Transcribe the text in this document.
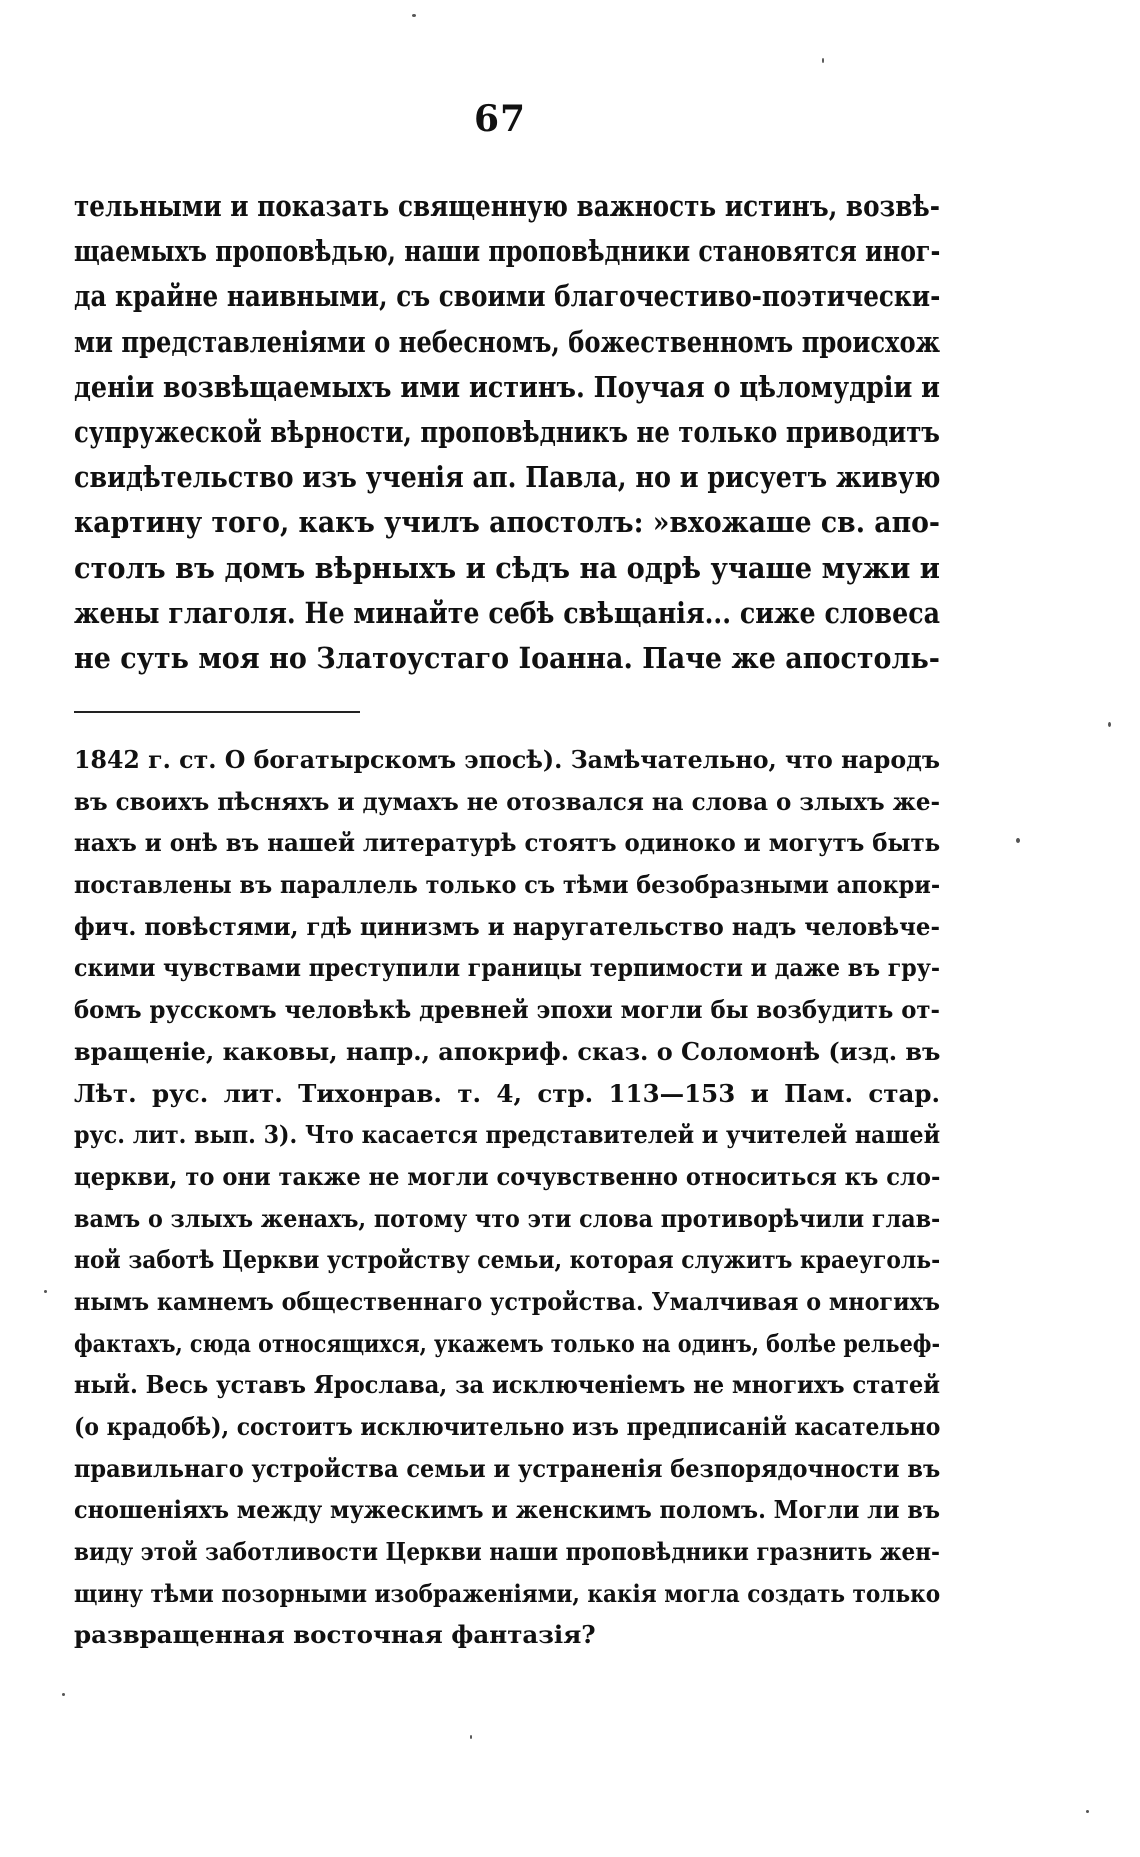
67
тельными и показать священную важность истинъ, возвѣ-
щаемыхъ проповѣдью, наши проповѣдники становятся иног-
да крайне наивными, съ своими благочестиво-поэтически-
ми представленіями о небесномъ, божественномъ происхож
деніи возвѣщаемыхъ ими истинъ. Поучая о цѣломудріи и
супружеской вѣрности, проповѣдникъ не только приводитъ
свидѣтельство изъ ученія ап. Павла, но и рисуетъ живую
картину того, какъ училъ апостолъ: »вхожаше св. апо-
столъ въ домъ вѣрныхъ и сѣдъ на одрѣ учаше мужи и
жены глаголя. Не минайте себѣ свѣщанія... сиже словеса
не суть моя но Златоустаго Іоанна. Паче же апостоль-
1842 г. ст. О богатырскомъ эпосѣ). Замѣчательно, что народъ
въ своихъ пѣсняхъ и думахъ не отозвался на слова о злыхъ же-
нахъ и онѣ въ нашей литературѣ стоятъ одиноко и могутъ быть
поставлены въ параллель только съ тѣми безобразными апокри-
фич. повѣстями, гдѣ цинизмъ и наругательство надъ человѣче-
скими чувствами преступили границы терпимости и даже въ гру-
бомъ русскомъ человѣкѣ древней эпохи могли бы возбудить от-
вращеніе, каковы, напр., апокриф. сказ. о Соломонѣ (изд. въ
Лѣт. рус. лит. Тихонрав. т. 4, стр. 113—153 и Пам. стар.
рус. лит. вып. 3). Что касается представителей и учителей нашей
церкви, то они также не могли сочувственно относиться къ сло-
вамъ о злыхъ женахъ, потому что эти слова противорѣчили глав-
ной заботѣ Церкви устройству семьи, которая служитъ краеуголь-
нымъ камнемъ общественнаго устройства. Умалчивая о многихъ
фактахъ, сюда относящихся, укажемъ только на одинъ, болѣе рельеф-
ный. Весь уставъ Ярослава, за исключеніемъ не многихъ статей
(о кpaдобѣ), состоитъ исключительно изъ предписаній касательно
правильнаго устройства семьи и устраненія безпорядочности въ
сношеніяхъ между мужескимъ и женскимъ поломъ. Могли ли въ
виду этой заботливости Церкви наши проповѣдники гразнить жен-
щину тѣми позорными изображеніями, какія могла создать только
развращенная восточная фантазія?
